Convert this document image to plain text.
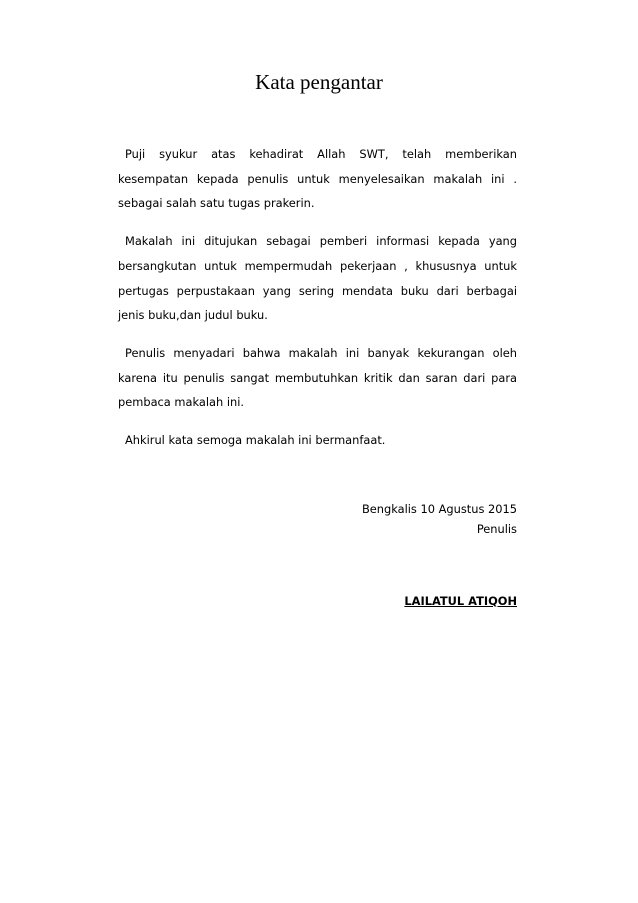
Kata pengantar

Puji syukur atas kehadirat Allah SWT, telah memberikan kesempatan kepada penulis untuk menyelesaikan makalah ini . sebagai salah satu tugas prakerin.

Makalah ini ditujukan sebagai pemberi informasi kepada yang bersangkutan untuk mempermudah pekerjaan , khususnya untuk pertugas perpustakaan yang sering mendata buku dari berbagai jenis buku,dan judul buku.

Penulis menyadari bahwa makalah ini banyak kekurangan oleh karena itu penulis sangat membutuhkan kritik dan saran dari para pembaca makalah ini.

Ahkirul kata semoga makalah ini bermanfaat.

Bengkalis 10 Agustus 2015
Penulis
LAILATUL ATIQOH
